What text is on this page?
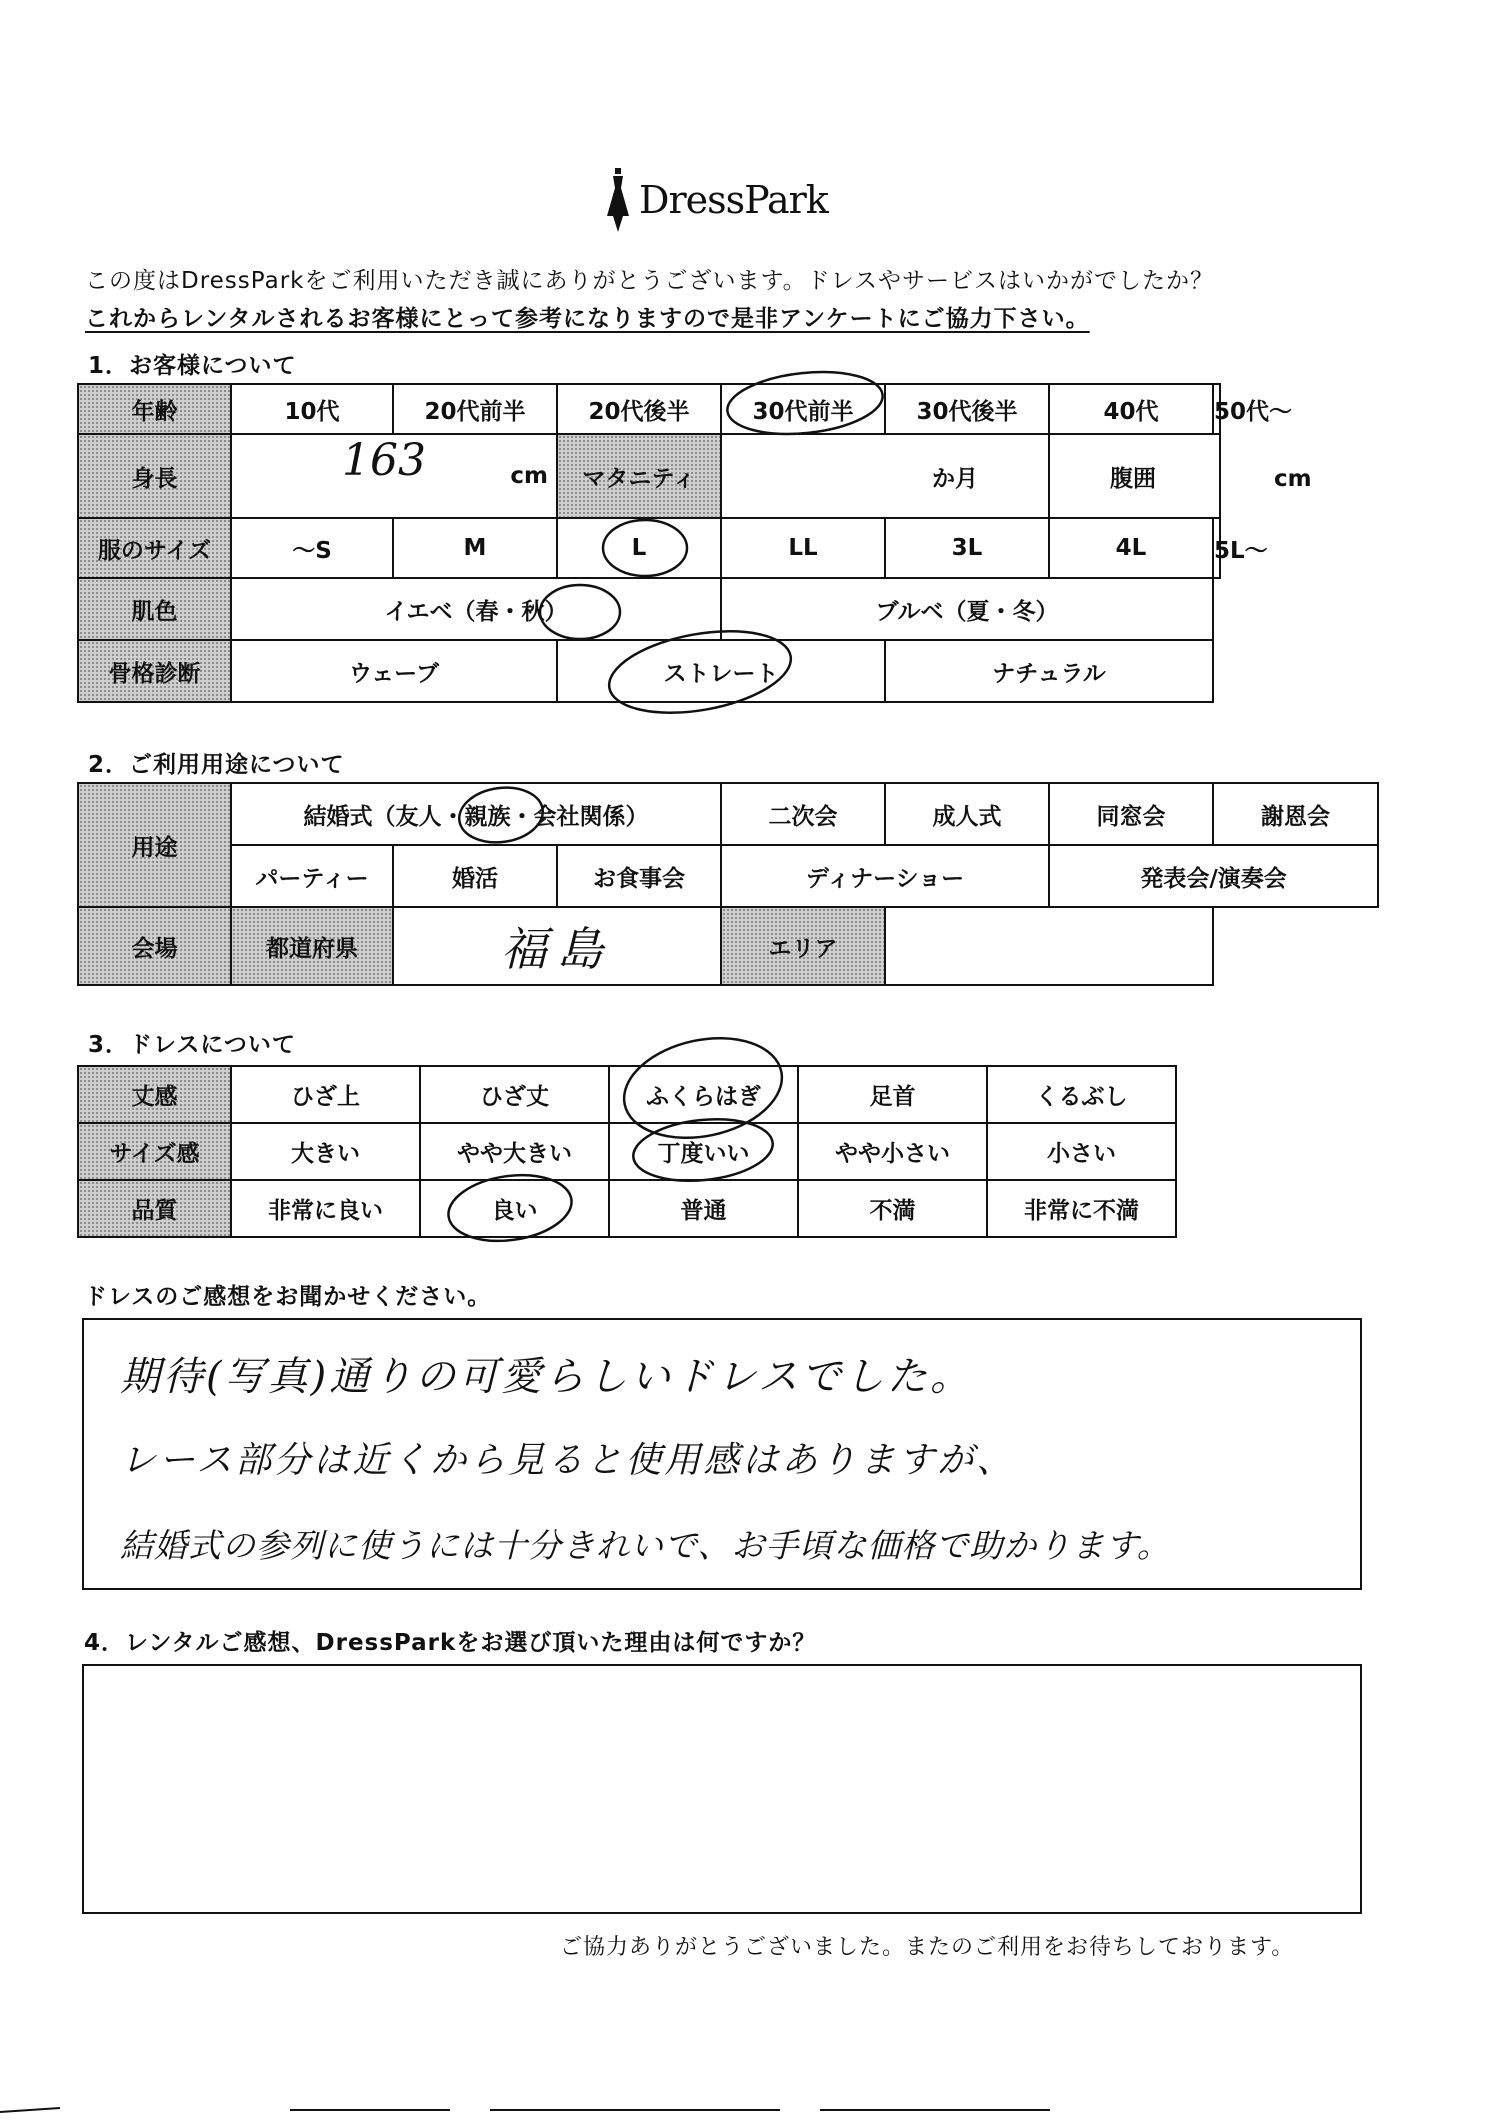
DressPark
この度はDressParkをご利用いただき誠にありがとうございます。ドレスやサービスはいかがでしたか？
これからレンタルされるお客様にとって参考になりますので是非アンケートにご協力下さい。
1．お客様について
年齢	10代	20代前半	20代後半	30代前半	30代後半	40代	50代～
身長	163 cm		マタニティ	か月		腹囲 cm	
服のサイズ	～S	M	L	LL	3L	4L	5L～
肌色	イエベ（春・秋）			ブルベ（夏・冬）			
骨格診断	ウェーブ		ストレート		ナチュラル		
2．ご利用用途について
用途	結婚式（友人・親族・会社関係）			二次会	成人式	同窓会	謝恩会
	パーティー	婚活	お食事会	ディナーショー		発表会/演奏会	
会場	都道府県	福島		エリア			
3．ドレスについて
丈感	ひざ上	ひざ丈	ふくらはぎ	足首	くるぶし
サイズ感	大きい	やや大きい	丁度いい	やや小さい	小さい
品質	非常に良い	良い	普通	不満	非常に不満
ドレスのご感想をお聞かせください。
期待(写真)通りの可愛らしいドレスでした。
レース部分は近くから見ると使用感はありますが、
結婚式の参列に使うには十分きれいで、お手頃な価格で助かります。
4．レンタルご感想、DressParkをお選び頂いた理由は何ですか？
ご協力ありがとうございました。またのご利用をお待ちしております。
